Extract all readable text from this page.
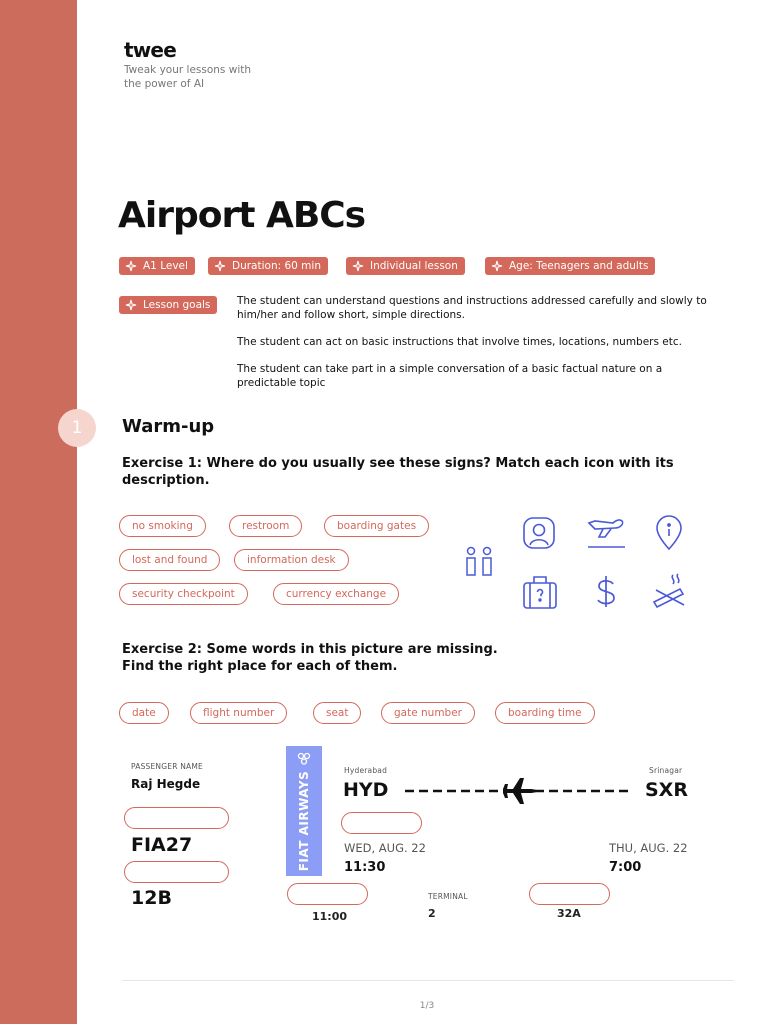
twee
Tweak your lessons with the power of AI
Airport ABCs
A1 Level	Duration: 60 min	Individual lesson	Age: Teenagers and adults
Lesson goals	The student can understand questions and instructions addressed carefully and slowly to him/her and follow short, simple directions.

The student can act on basic instructions that involve times, locations, numbers etc.

The student can take part in a simple conversation of a basic factual nature on a predictable topic

1	Warm-up
Exercise 1: Where do you usually see these signs? Match each icon with its description.
no smoking	restroom	boarding gates
lost and found	information desk
security checkpoint	currency exchange
Exercise 2: Some words in this picture are missing.
Find the right place for each of them.
date	flight number	seat	gate number	boarding time
PASSENGER NAME
Raj Hegde
FIA27
12B
FIAT AIRWAYS
Hyderabad
HYD
Srinagar
SXR
WED, AUG. 22
11:30
THU, AUG. 22
7:00
11:00
TERMINAL
2	32A
1/3
